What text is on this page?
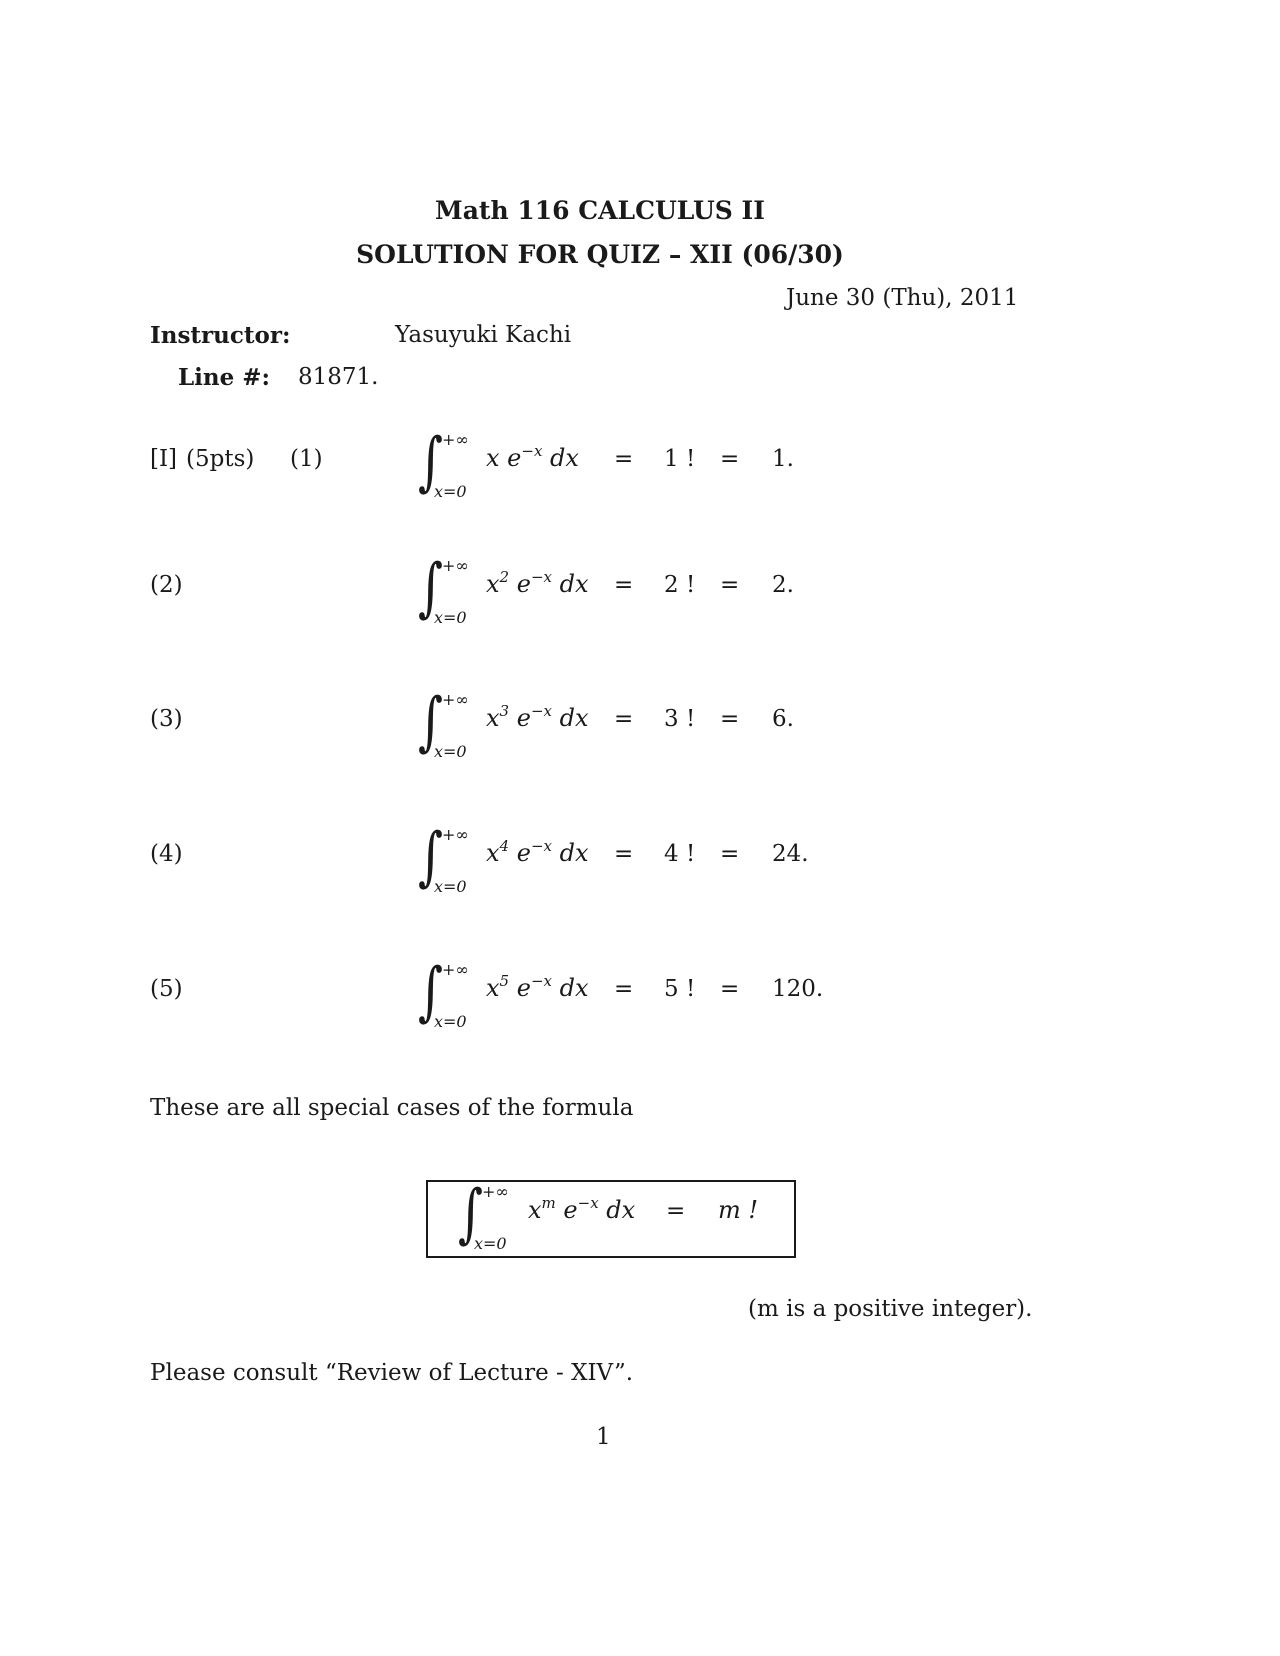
Math 116 CALCULUS II
SOLUTION FOR QUIZ – XII (06/30)
June 30 (Thu), 2011
Instructor:	Yasuyuki Kachi
Line #: 81871.
[I] (5pts) (1) ∫
+∞
x=0
x $e^{-x}$ dx = 1 ! = 1.
(2)	∫
+∞
x=0
$x^2$ $e^{-x}$ dx = 2 ! = 2.
(3)	∫
+∞
x=0
$x^3$ $e^{-x}$ dx = 3 ! = 6.
(4)	∫
+∞
x=0
$x^4$ $e^{-x}$ dx = 4 ! = 24.
(5)	∫
+∞
x=0
$x^5$ $e^{-x}$ dx = 5 ! = 120.
These are all special cases of the formula
∫
+∞
x=0
$x^m$ $e^{-x}$ dx = m !
(m is a positive integer).
Please consult “Review of Lecture - XIV”.
1
